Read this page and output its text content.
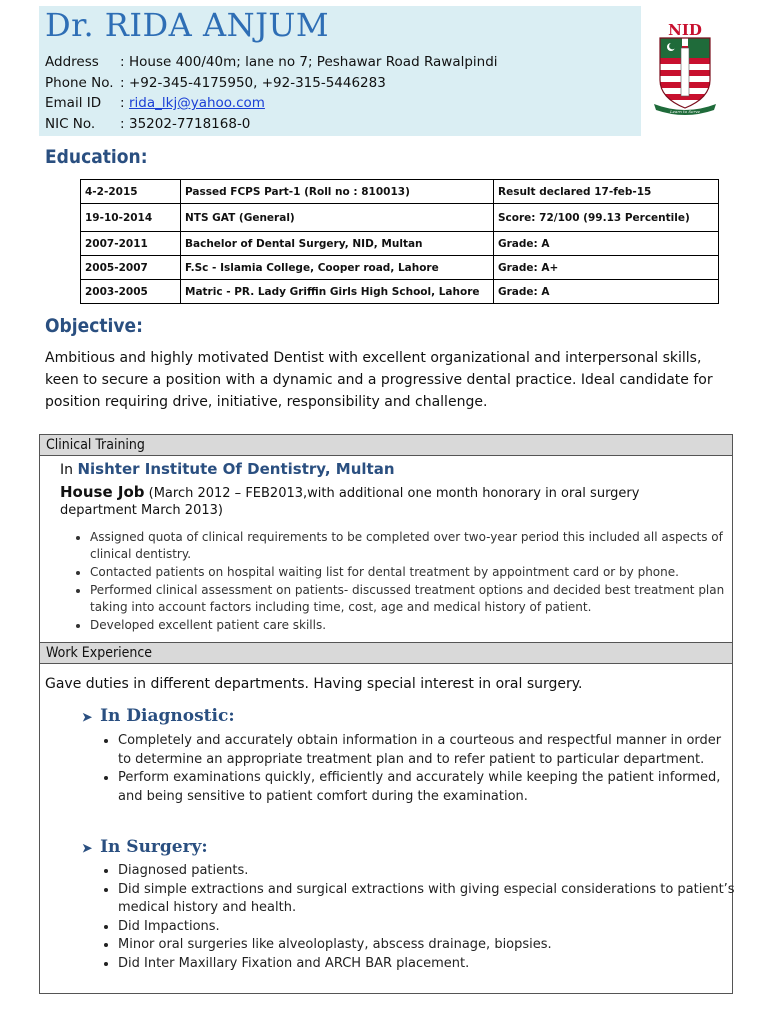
Dr. RIDA ANJUM
Address	: House 400/40m; lane no 7; Peshawar Road Rawalpindi
Phone No. : +92-345-4175950, +92-315-5446283
Email ID	: rida_lkj@yahoo.com
NIC No.	: 35202-7718168-0
NID
Learn to Serve
Education:
4-2-2015	Passed FCPS Part-1 (Roll no : 810013)	Result declared 17-feb-15
19-10-2014	NTS GAT (General)	Score: 72/100 (99.13 Percentile)
2007-2011	Bachelor of Dental Surgery, NID, Multan	Grade: A
2005-2007	F.Sc - Islamia College, Cooper road, Lahore	Grade: A+
2003-2005	Matric - PR. Lady Griffin Girls High School, Lahore	Grade: A
Objective:

Ambitious and highly motivated Dentist with excellent organizational and interpersonal skills, keen to secure a position with a dynamic and a progressive dental practice. Ideal candidate for position requiring drive, initiative, responsibility and challenge.

Clinical Training
In Nishter Institute Of Dentistry, Multan
House Job (March 2012 – FEB2013,with additional one month honorary in oral surgery department March 2013)
• Assigned quota of clinical requirements to be completed over two-year period this included all aspects of clinical dentistry.
• Contacted patients on hospital waiting list for dental treatment by appointment card or by phone.
• Performed clinical assessment on patients- discussed treatment options and decided best treatment plan taking into account factors including time, cost, age and medical history of patient.
• Developed excellent patient care skills.
Work Experience

Gave duties in different departments. Having special interest in oral surgery.

➤ In Diagnostic:
• Completely and accurately obtain information in a courteous and respectful manner in order to determine an appropriate treatment plan and to refer patient to particular department.
• Perform examinations quickly, efficiently and accurately while keeping the patient informed, and being sensitive to patient comfort during the examination.
➤ In Surgery:
• Diagnosed patients.
• Did simple extractions and surgical extractions with giving especial considerations to patient’s medical history and health.
• Did Impactions.
• Minor oral surgeries like alveoloplasty, abscess drainage, biopsies.
• Did Inter Maxillary Fixation and ARCH BAR placement.
